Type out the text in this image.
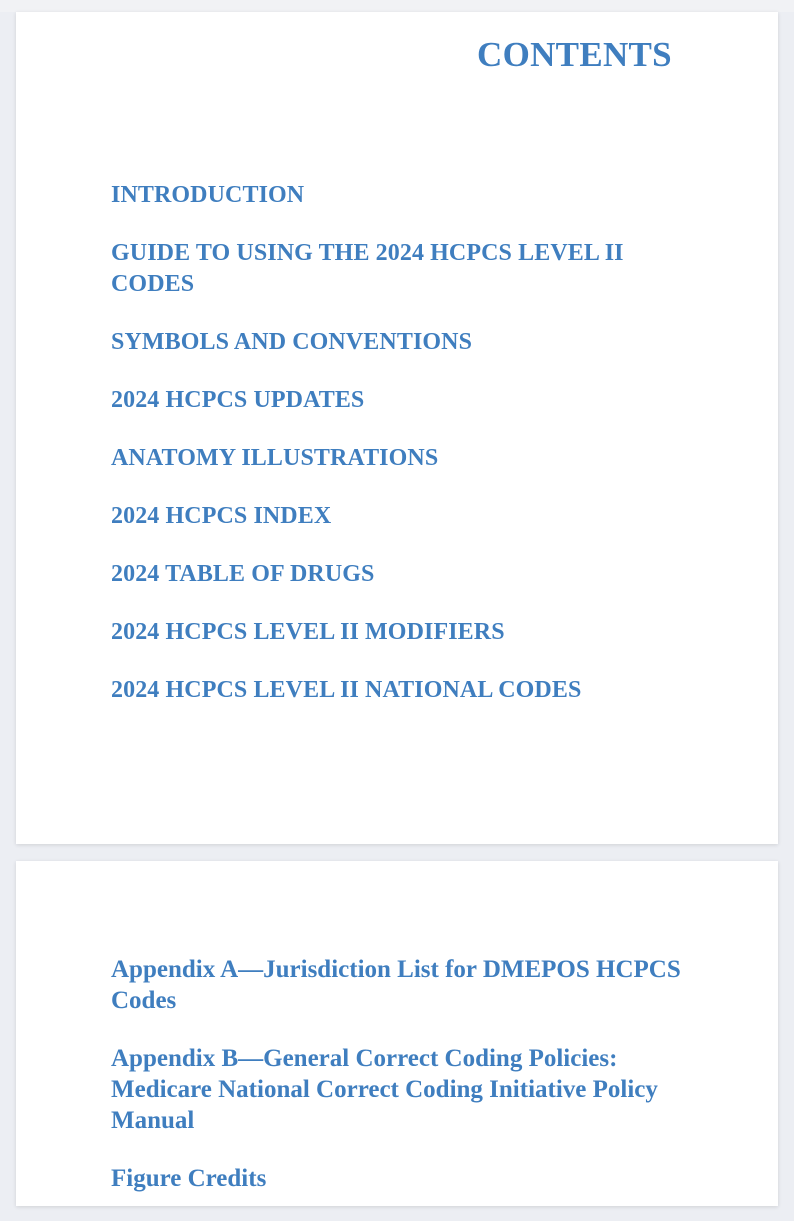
CONTENTS
INTRODUCTION
GUIDE TO USING THE 2024 HCPCS LEVEL II CODES
SYMBOLS AND CONVENTIONS
2024 HCPCS UPDATES
ANATOMY ILLUSTRATIONS
2024 HCPCS INDEX
2024 TABLE OF DRUGS
2024 HCPCS LEVEL II MODIFIERS
2024 HCPCS LEVEL II NATIONAL CODES
Appendix A—Jurisdiction List for DMEPOS HCPCS Codes
Appendix B—General Correct Coding Policies: Medicare National Correct Coding Initiative Policy Manual
Figure Credits
